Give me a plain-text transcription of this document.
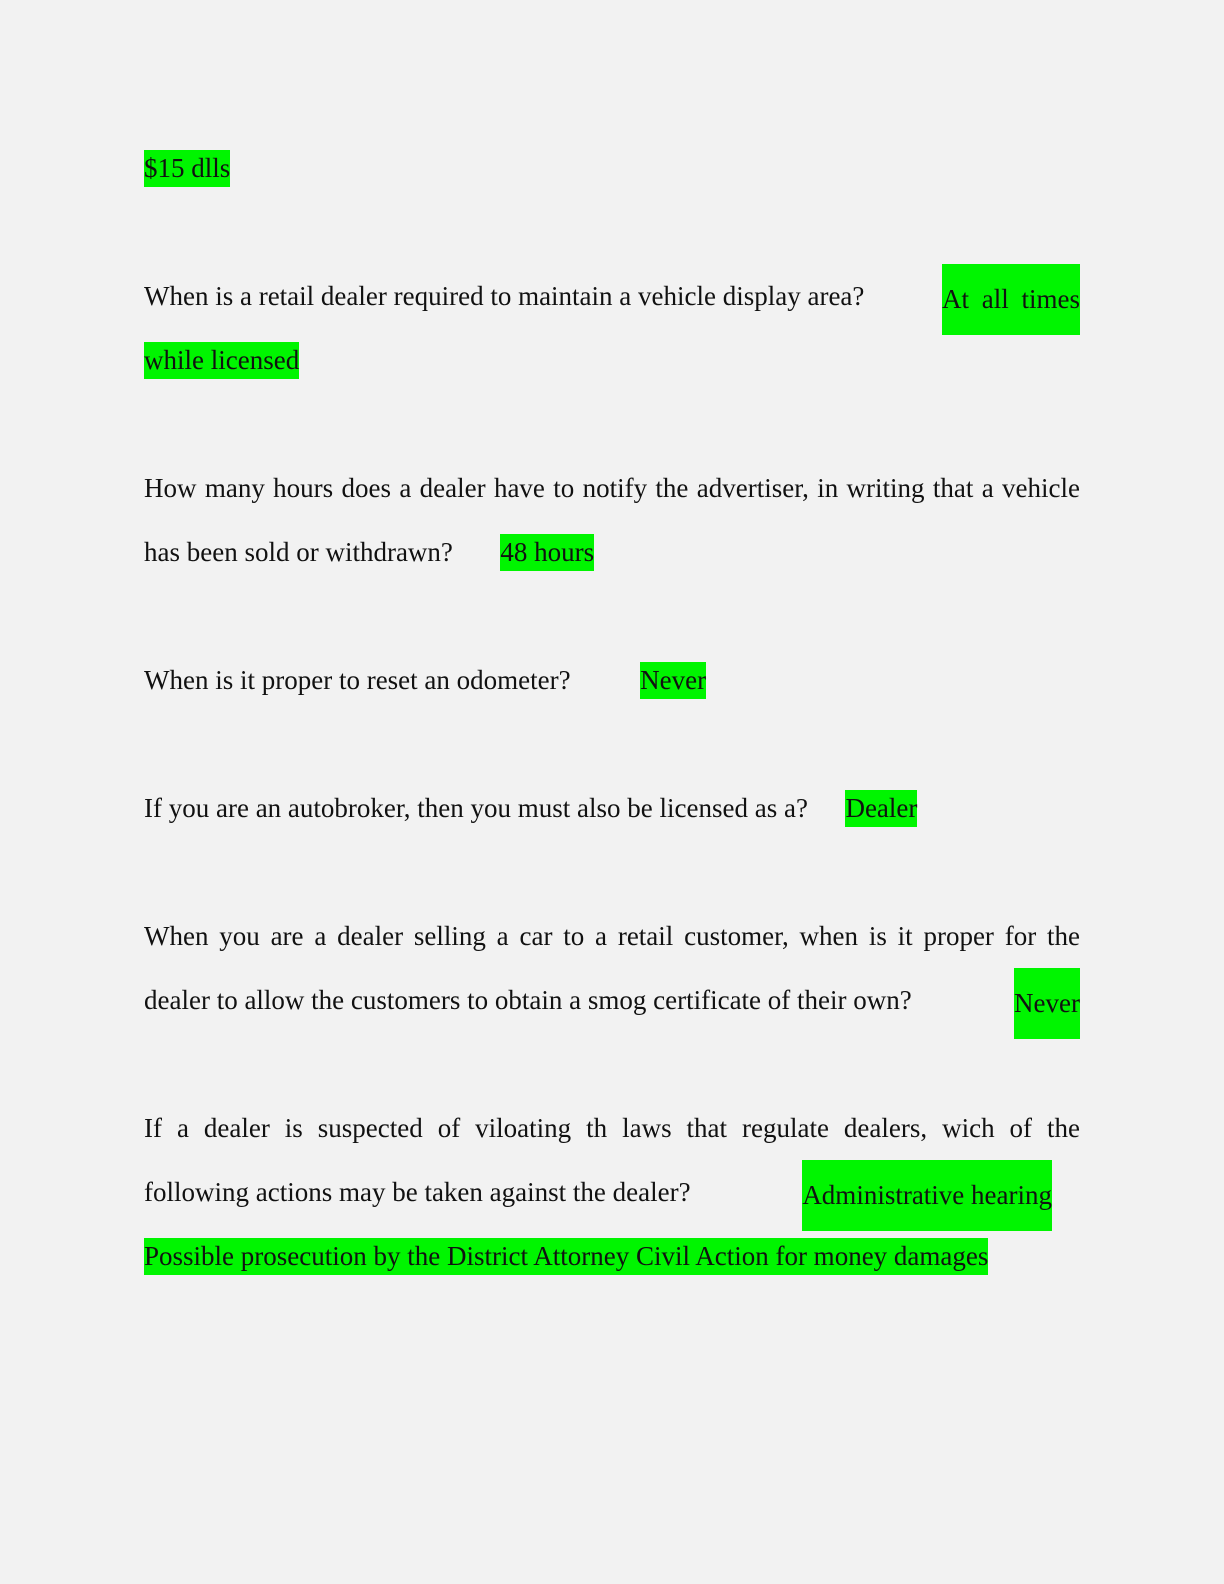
$15 dlls
When is a retail dealer required to maintain a vehicle display area?	At all times
while licensed
How many hours does a dealer have to notify the advertiser, in writing that a vehicle
has been sold or withdrawn? 48 hours
When is it proper to reset an odometer?	Never
If you are an autobroker, then you must also be licensed as a? Dealer
When you are a dealer selling a car to a retail customer, when is it proper for the
dealer to allow the customers to obtain a smog certificate of their own?	Never
If a dealer is suspected of viloating th laws that regulate dealers, wich of the
following actions may be taken against the dealer?	Administrative hearing
Possible prosecution by the District Attorney Civil Action for money damages
